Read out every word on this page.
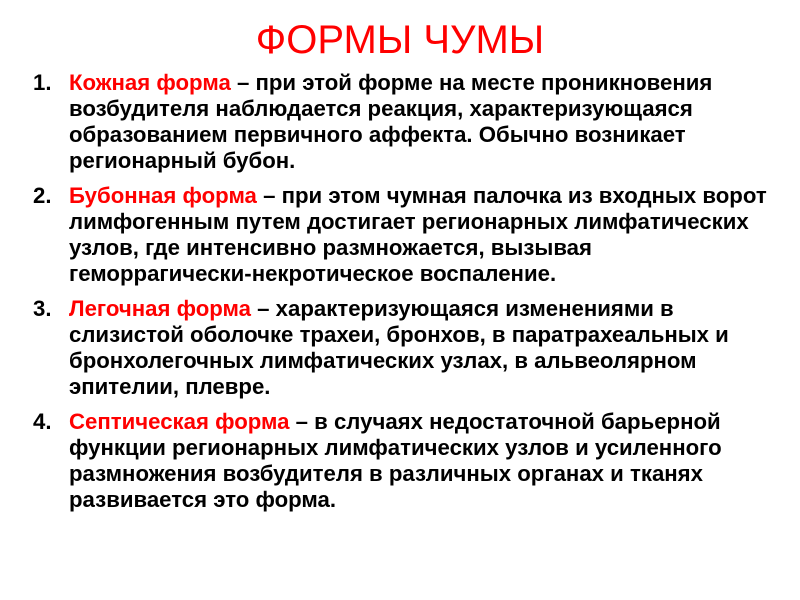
ФОРМЫ ЧУМЫ
1. Кожная форма – при этой форме на месте проникновения возбудителя наблюдается реакция, характеризующаяся образованием первичного аффекта. Обычно возникает регионарный бубон.
2. Бубонная форма – при этом чумная палочка из входных ворот лимфогенным путем достигает регионарных лимфатических узлов, где интенсивно размножается, вызывая геморрагически-некротическое воспаление.
3. Легочная форма – характеризующаяся изменениями в слизистой оболочке трахеи, бронхов, в паратрахеальных и бронхолегочных лимфатических узлах, в альвеолярном эпителии, плевре.
4. Септическая форма – в случаях недостаточной барьерной функции регионарных лимфатических узлов и усиленного размножения возбудителя в различных органах и тканях развивается это форма.
